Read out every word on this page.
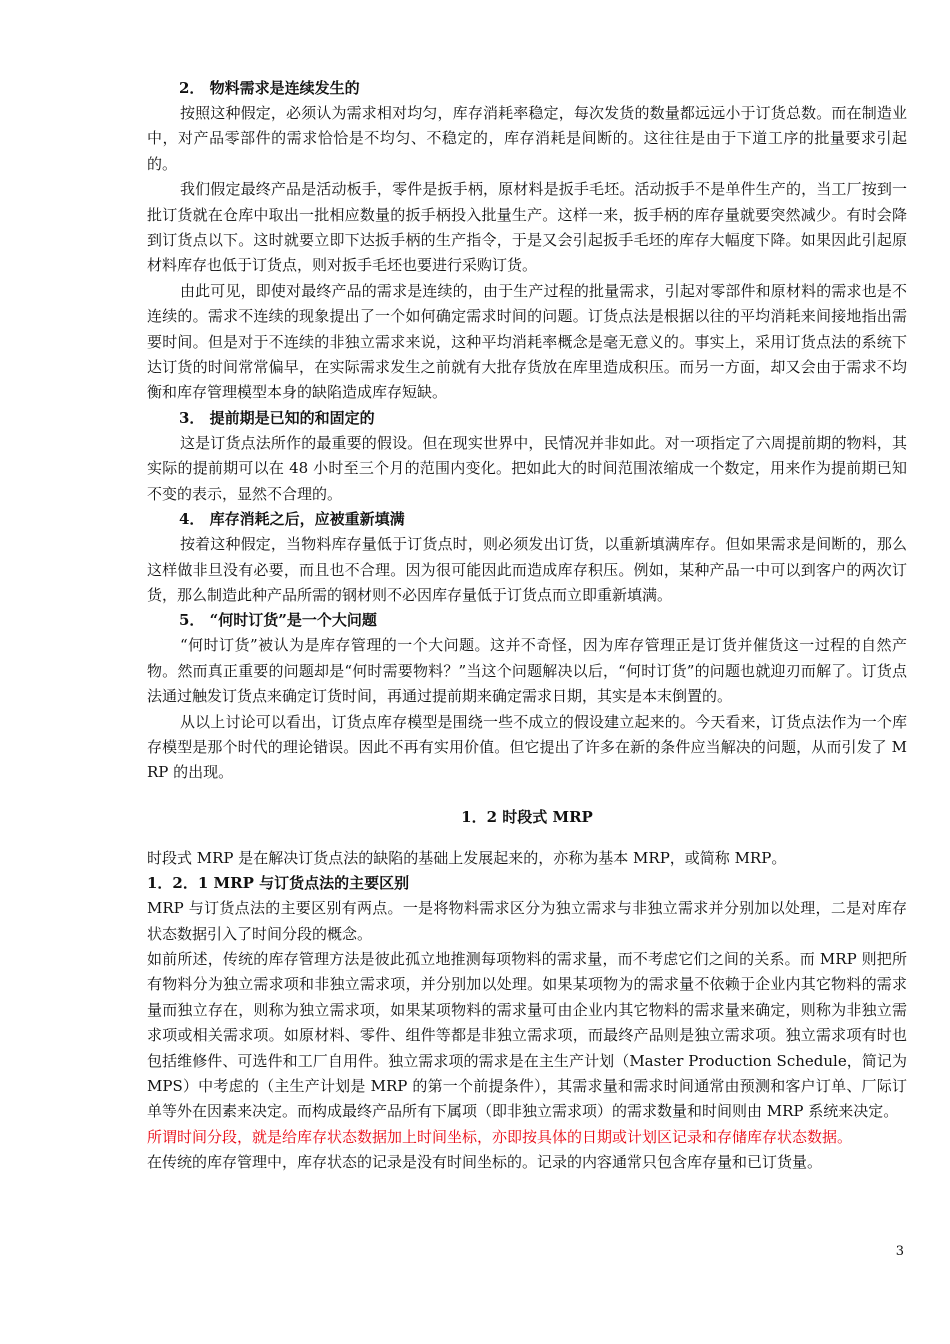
2． 物料需求是连续发生的
按照这种假定，必须认为需求相对均匀，库存消耗率稳定，每次发货的数量都远远小于订货总数。而在制造业中，对产品零部件的需求恰恰是不均匀、不稳定的，库存消耗是间断的。这往往是由于下道工序的批量要求引起的。
我们假定最终产品是活动板手，零件是扳手柄，原材料是扳手毛坯。活动扳手不是单件生产的，当工厂按到一批订货就在仓库中取出一批相应数量的扳手柄投入批量生产。这样一来，扳手柄的库存量就要突然减少。有时会降到订货点以下。这时就要立即下达扳手柄的生产指令，于是又会引起扳手毛坯的库存大幅度下降。如果因此引起原材料库存也低于订货点，则对扳手毛坯也要进行采购订货。
由此可见，即使对最终产品的需求是连续的，由于生产过程的批量需求，引起对零部件和原材料的需求也是不连续的。需求不连续的现象提出了一个如何确定需求时间的问题。订货点法是根据以往的平均消耗来间接地指出需要时间。但是对于不连续的非独立需求来说，这种平均消耗率概念是毫无意义的。事实上，采用订货点法的系统下达订货的时间常常偏早，在实际需求发生之前就有大批存货放在库里造成积压。而另一方面，却又会由于需求不均衡和库存管理模型本身的缺陷造成库存短缺。
3． 提前期是已知的和固定的
这是订货点法所作的最重要的假设。但在现实世界中，民情况并非如此。对一项指定了六周提前期的物料，其实际的提前期可以在 48 小时至三个月的范围内变化。把如此大的时间范围浓缩成一个数定，用来作为提前期已知不变的表示，显然不合理的。
4． 库存消耗之后，应被重新填满
按着这种假定，当物料库存量低于订货点时，则必须发出订货，以重新填满库存。但如果需求是间断的，那么这样做非旦没有必要，而且也不合理。因为很可能因此而造成库存积压。例如，某种产品一中可以到客户的两次订货，那么制造此种产品所需的钢材则不必因库存量低于订货点而立即重新填满。
5． “何时订货”是一个大问题
“何时订货”被认为是库存管理的一个大问题。这并不奇怪，因为库存管理正是订货并催货这一过程的自然产物。然而真正重要的问题却是“何时需要物料？”当这个问题解决以后，“何时订货”的问题也就迎刃而解了。订货点法通过触发订货点来确定订货时间，再通过提前期来确定需求日期，其实是本末倒置的。
从以上讨论可以看出，订货点库存模型是围绕一些不成立的假设建立起来的。今天看来，订货点法作为一个库存模型是那个时代的理论错误。因此不再有实用价值。但它提出了许多在新的条件应当解决的问题，从而引发了 MRP 的出现。
1．2 时段式 MRP
时段式 MRP 是在解决订货点法的缺陷的基础上发展起来的，亦称为基本 MRP，或简称 MRP。
1．2．1 MRP 与订货点法的主要区别
MRP 与订货点法的主要区别有两点。一是将物料需求区分为独立需求与非独立需求并分别加以处理，二是对库存状态数据引入了时间分段的概念。
如前所述，传统的库存管理方法是彼此孤立地推测每项物料的需求量，而不考虑它们之间的关系。而 MRP 则把所有物料分为独立需求项和非独立需求项，并分别加以处理。如果某项物为的需求量不依赖于企业内其它物料的需求量而独立存在，则称为独立需求项，如果某项物料的需求量可由企业内其它物料的需求量来确定，则称为非独立需求项或相关需求项。如原材料、零件、组件等都是非独立需求项，而最终产品则是独立需求项。独立需求项有时也包括维修件、可选件和工厂自用件。独立需求项的需求是在主生产计划（Master Production Schedule，简记为 MPS）中考虑的（主生产计划是 MRP 的第一个前提条件），其需求量和需求时间通常由预测和客户订单、厂际订单等外在因素来决定。而构成最终产品所有下属项（即非独立需求项）的需求数量和时间则由 MRP 系统来决定。
所谓时间分段，就是给库存状态数据加上时间坐标，亦即按具体的日期或计划区记录和存储库存状态数据。
在传统的库存管理中，库存状态的记录是没有时间坐标的。记录的内容通常只包含库存量和已订货量。
3
